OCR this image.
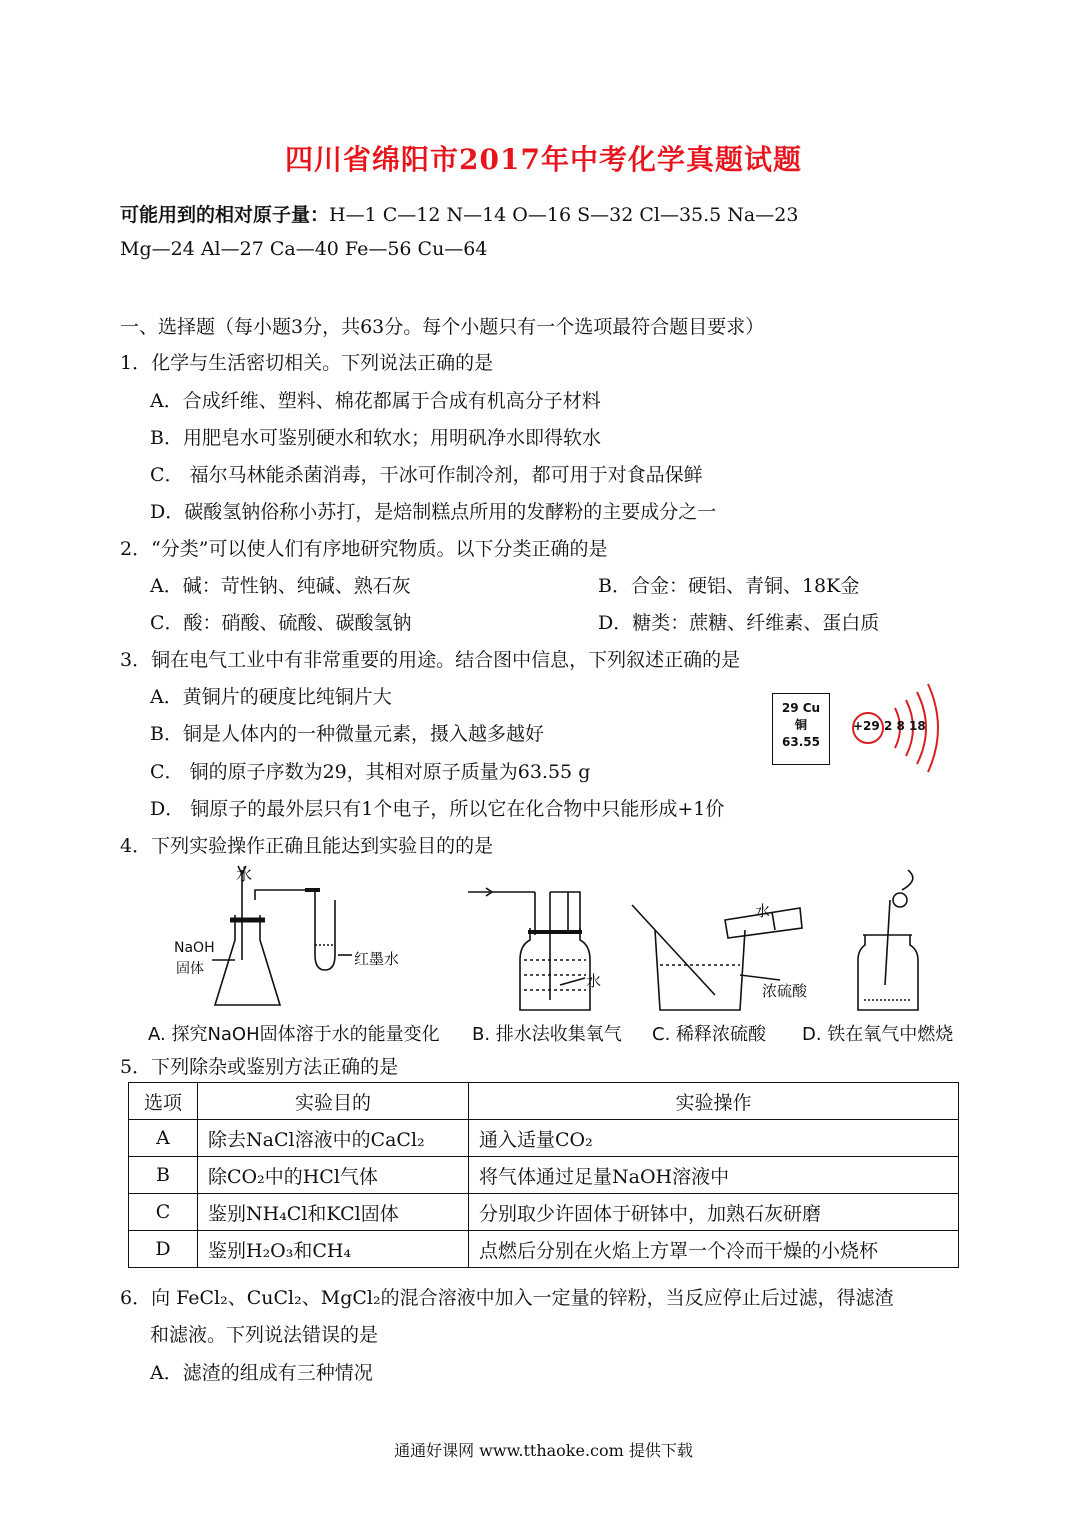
四川省绵阳市2017年中考化学真题试题
可能用到的相对原子量：H—1 C—12 N—14 O—16 S—32 Cl—35.5 Na—23
Mg—24 Al—27 Ca—40 Fe—56 Cu—64
一、选择题（每小题3分，共63分。每个小题只有一个选项最符合题目要求）
1．化学与生活密切相关。下列说法正确的是
A．合成纤维、塑料、棉花都属于合成有机高分子材料
B．用肥皂水可鉴别硬水和软水；用明矾净水即得软水
C． 福尔马林能杀菌消毒，干冰可作制冷剂，都可用于对食品保鲜
D．碳酸氢钠俗称小苏打，是焙制糕点所用的发酵粉的主要成分之一
2．“分类”可以使人们有序地研究物质。以下分类正确的是
A．碱：苛性钠、纯碱、熟石灰	B．合金：硬铝、青铜、18K金
C．酸：硝酸、硫酸、碳酸氢钠	D．糖类：蔗糖、纤维素、蛋白质
3．铜在电气工业中有非常重要的用途。结合图中信息，下列叙述正确的是
A．黄铜片的硬度比纯铜片大
B．铜是人体内的一种微量元素，摄入越多越好
C． 铜的原子序数为29，其相对原子质量为63.55 g
D． 铜原子的最外层只有1个电子，所以它在化合物中只能形成+1价
29 Cu
铜
63.55
+29 2 8 18
4．下列实验操作正确且能达到实验目的的是
水
NaOH
固体
红墨水
水
水
浓硫酸
A. 探究NaOH固体溶于水的能量变化 B. 排水法收集氧气 C. 稀释浓硫酸 D. 铁在氧气中燃烧
5．下列除杂或鉴别方法正确的是
选项	实验目的	实验操作
A	除去NaCl溶液中的CaCl₂	通入适量CO₂
B	除CO₂中的HCl气体	将气体通过足量NaOH溶液中
C	鉴别NH₄Cl和KCl固体	分别取少许固体于研钵中，加熟石灰研磨
D	鉴别H₂O₃和CH₄	点燃后分别在火焰上方罩一个冷而干燥的小烧杯
6．向 FeCl₂、CuCl₂、MgCl₂的混合溶液中加入一定量的锌粉，当反应停止后过滤，得滤渣
和滤液。下列说法错误的是
A．滤渣的组成有三种情况
通通好课网 www.tthaoke.com 提供下载
